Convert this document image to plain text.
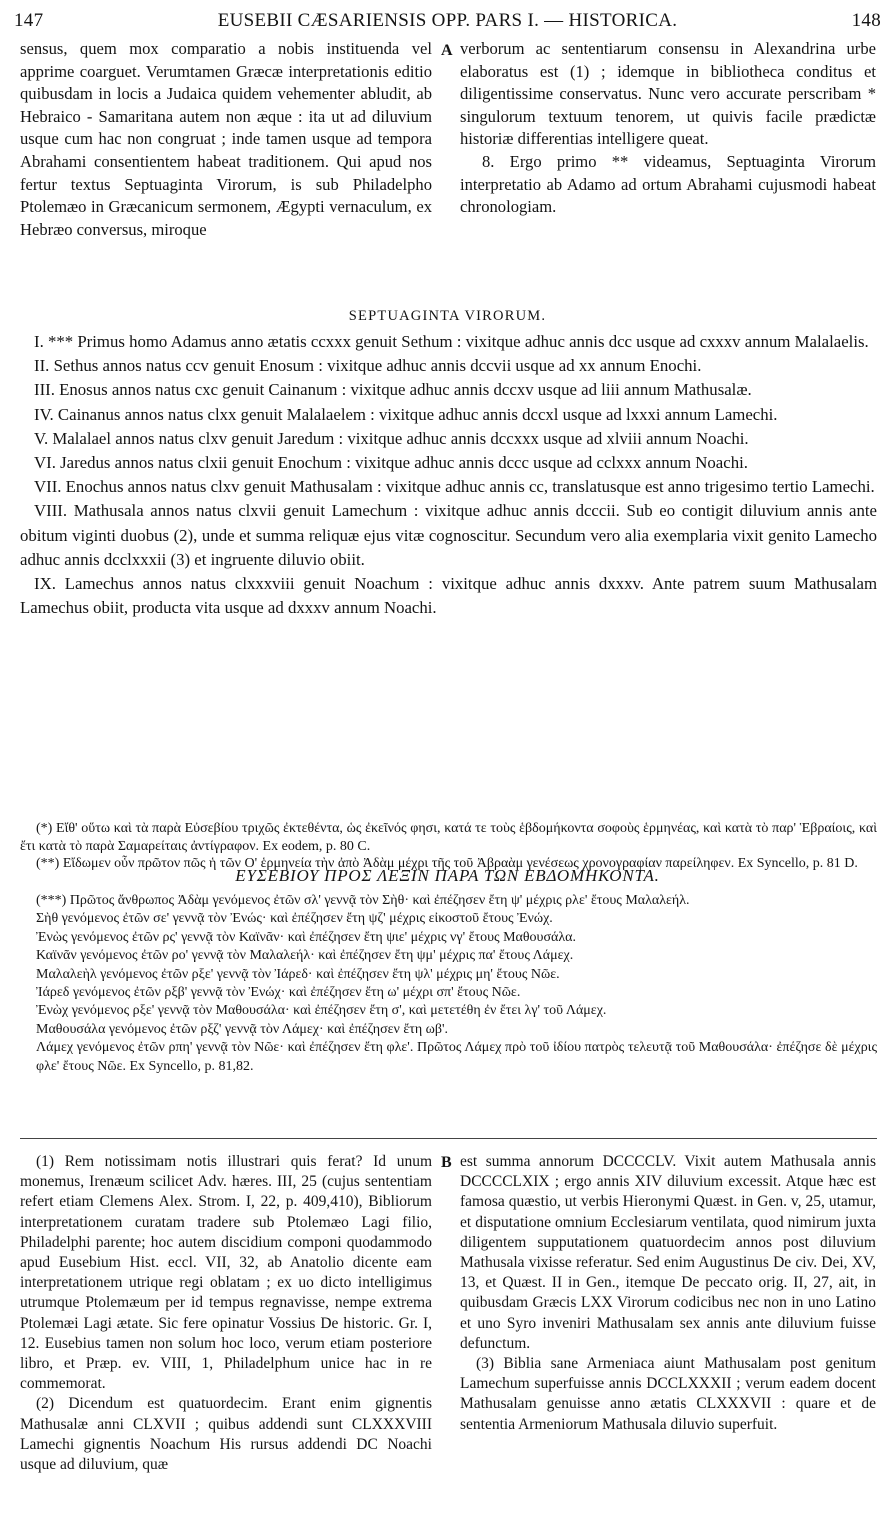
147	EUSEBII CÆSARIENSIS OPP. PARS I. — HISTORICA.	148

sensus, quem mox comparatio a nobis instituenda vel apprime coarguet. Verumtamen Græcæ interpretationis editio quibusdam in locis a Judaica quidem vehementer abludit, ab Hebraico - Samaritana autem non æque : ita ut ad diluvium usque cum hac non congruat ; inde tamen usque ad tempora Abrahami consentientem habeat traditionem. Qui apud nos fertur textus Septuaginta Virorum, is sub Philadelpho Ptolemæo in Græcanicum sermonem, Ægypti vernaculum, ex Hebræo conversus, miroque

A verborum ac sententiarum consensu in Alexandrina urbe elaboratus est (1) ; idemque in bibliotheca conditus et diligentissime conservatus. Nunc vero accurate perscribam * singulorum textuum tenorem, ut quivis facile prædictæ historiæ differentias intelligere queat.

8. Ergo primo ** videamus, Septuaginta Virorum interpretatio ab Adamo ad ortum Abrahami cujusmodi habeat chronologiam.

SEPTUAGINTA VIRORUM.

I. *** Primus homo Adamus anno ætatis ccxxx genuit Sethum : vixitque adhuc annis dcc usque ad cxxxv annum Malalaelis.

II. Sethus annos natus ccv genuit Enosum : vixitque adhuc annis dccvii usque ad xx annum Enochi.

III. Enosus annos natus cxc genuit Cainanum : vixitque adhuc annis dccxv usque ad liii annum Mathusalæ.

IV. Cainanus annos natus clxx genuit Malalaelem : vixitque adhuc annis dccxl usque ad lxxxi annum Lamechi.

V. Malalael annos natus clxv genuit Jaredum : vixitque adhuc annis dccxxx usque ad xlviii annum Noachi.

VI. Jaredus annos natus clxii genuit Enochum : vixitque adhuc annis dccc usque ad cclxxx annum Noachi.

VII. Enochus annos natus clxv genuit Mathusalam : vixitque adhuc annis cc, translatusque est anno trigesimo tertio Lamechi.

VIII. Mathusala annos natus clxvii genuit Lamechum : vixitque adhuc annis dcccii. Sub eo contigit diluvium annis ante obitum viginti duobus (2), unde et summa reliquæ ejus vitæ cognoscitur. Secundum vero alia exemplaria vixit genito Lamecho adhuc annis dcclxxxii (3) et ingruente diluvio obiit.

IX. Lamechus annos natus clxxxviii genuit Noachum : vixitque adhuc annis dxxxv. Ante patrem suum Mathusalam Lamechus obiit, producta vita usque ad dxxxv annum Noachi.

(*) Εἴθ' οὕτω καὶ τὰ παρὰ Εὐσεβίου τριχῶς ἐκτεθέντα, ὡς ἐκεῖνός φησι, κατά τε τοὺς ἑβδομήκοντα σοφοὺς ἑρμηνέας, καὶ κατὰ τὸ παρ' Ἑβραίοις, καὶ ἔτι κατὰ τὸ παρὰ Σαμαρείταις ἀντίγραφον. Ex eodem, p. 80 C.

(**) Εἴδωμεν οὖν πρῶτον πῶς ἡ τῶν Ο' ἑρμηνεία τὴν ἀπὸ Ἀδὰμ μέχρι τῆς τοῦ Ἀβραὰμ γενέσεως χρονογραφίαν παρείληφεν. Ex Syncello, p. 81 D.

ΕΥΣΕΒΙΟΥ ΠΡΟΣ ΛΕΞΙΝ ΠΑΡΑ ΤΩΝ ΕΒΔΟΜΗΚΟΝΤΑ.

(***) Πρῶτος ἄνθρωπος Ἀδὰμ γενόμενος ἐτῶν σλ' γεννᾷ τὸν Σὴθ· καὶ ἐπέζησεν ἔτη ψ' μέχρις ρλε' ἔτους Μαλαλεήλ.

Σὴθ γενόμενος ἐτῶν σε' γεννᾷ τὸν Ἐνώς· καὶ ἐπέζησεν ἔτη ψζ' μέχρις εἰκοστοῦ ἔτους Ἐνώχ.

Ἐνὼς γενόμενος ἐτῶν ρς' γεννᾷ τὸν Καϊνᾶν· καὶ ἐπέζησεν ἔτη ψιε' μέχρις νγ' ἔτους Μαθουσάλα.

Καϊνᾶν γενόμενος ἐτῶν ρο' γεννᾷ τὸν Μαλαλεήλ· καὶ ἐπέζησεν ἔτη ψμ' μέχρις πα' ἔτους Λάμεχ.

Μαλαλεὴλ γενόμενος ἐτῶν ρξε' γεννᾷ τὸν Ἰάρεδ· καὶ ἐπέζησεν ἔτη ψλ' μέχρις μη' ἔτους Νῶε.

Ἰάρεδ γενόμενος ἐτῶν ρξβ' γεννᾷ τὸν Ἐνώχ· καὶ ἐπέζησεν ἔτη ω' μέχρι σπ' ἔτους Νῶε.

Ἐνὼχ γενόμενος ρξε' γεννᾷ τὸν Μαθουσάλα· καὶ ἐπέζησεν ἔτη σ', καὶ μετετέθη ἐν ἔτει λγ' τοῦ Λάμεχ.

Μαθουσάλα γενόμενος ἐτῶν ρξζ' γεννᾷ τὸν Λάμεχ· καὶ ἐπέζησεν ἔτη ωβ'.

Λάμεχ γενόμενος ἐτῶν ρπη' γεννᾷ τὸν Νῶε· καὶ ἐπέζησεν ἔτη φλε'. Πρῶτος Λάμεχ πρὸ τοῦ ἰδίου πατρὸς τελευτᾷ τοῦ Μαθουσάλα· ἐπέζησε δὲ μέχρις φλε' ἔτους Νῶε. Ex Syncello, p. 81,82.

(1) Rem notissimam notis illustrari quis ferat? Id unum monemus, Irenæum scilicet Adv. hæres. III, 25 (cujus sententiam refert etiam Clemens Alex. Strom. I, 22, p. 409,410), Bibliorum interpretationem curatam tradere sub Ptolemæo Lagi filio, Philadelphi parente; hoc autem discidium componi quodammodo apud Eusebium Hist. eccl. VII, 32, ab Anatolio dicente eam interpretationem utrique regi oblatam ; ex uo dicto intelligimus utrumque Ptolemæum per id tempus regnavisse, nempe extrema Ptolemæi Lagi ætate. Sic fere opinatur Vossius De historic. Gr. I, 12. Eusebius tamen non solum hoc loco, verum etiam posteriore libro, et Præp. ev. VIII, 1, Philadelphum unice hac in re commemorat.

(2) Dicendum est quatuordecim. Erant enim gignentis Mathusalæ anni CLXVII ; quibus addendi sunt CLXXXVIII Lamechi gignentis Noachum His rursus addendi DC Noachi usque ad diluvium, quæ

B est summa annorum DCCCCLV. Vixit autem Mathusala annis DCCCCLXIX ; ergo annis XIV diluvium excessit. Atque hæc est famosa quæstio, ut verbis Hieronymi Quæst. in Gen. v, 25, utamur, et disputatione omnium Ecclesiarum ventilata, quod nimirum juxta diligentem supputationem quatuordecim annos post diluvium Mathusala vixisse referatur. Sed enim Augustinus De civ. Dei, XV, 13, et Quæst. II in Gen., itemque De peccato orig. II, 27, ait, in quibusdam Græcis LXX Virorum codicibus nec non in uno Latino et uno Syro inveniri Mathusalam sex annis ante diluvium fuisse defunctum.

(3) Biblia sane Armeniaca aiunt Mathusalam post genitum Lamechum superfuisse annis DCCLXXXII ; verum eadem docent Mathusalam genuisse anno ætatis CLXXXVII : quare et de sententia Armeniorum Mathusala diluvio superfuit.
